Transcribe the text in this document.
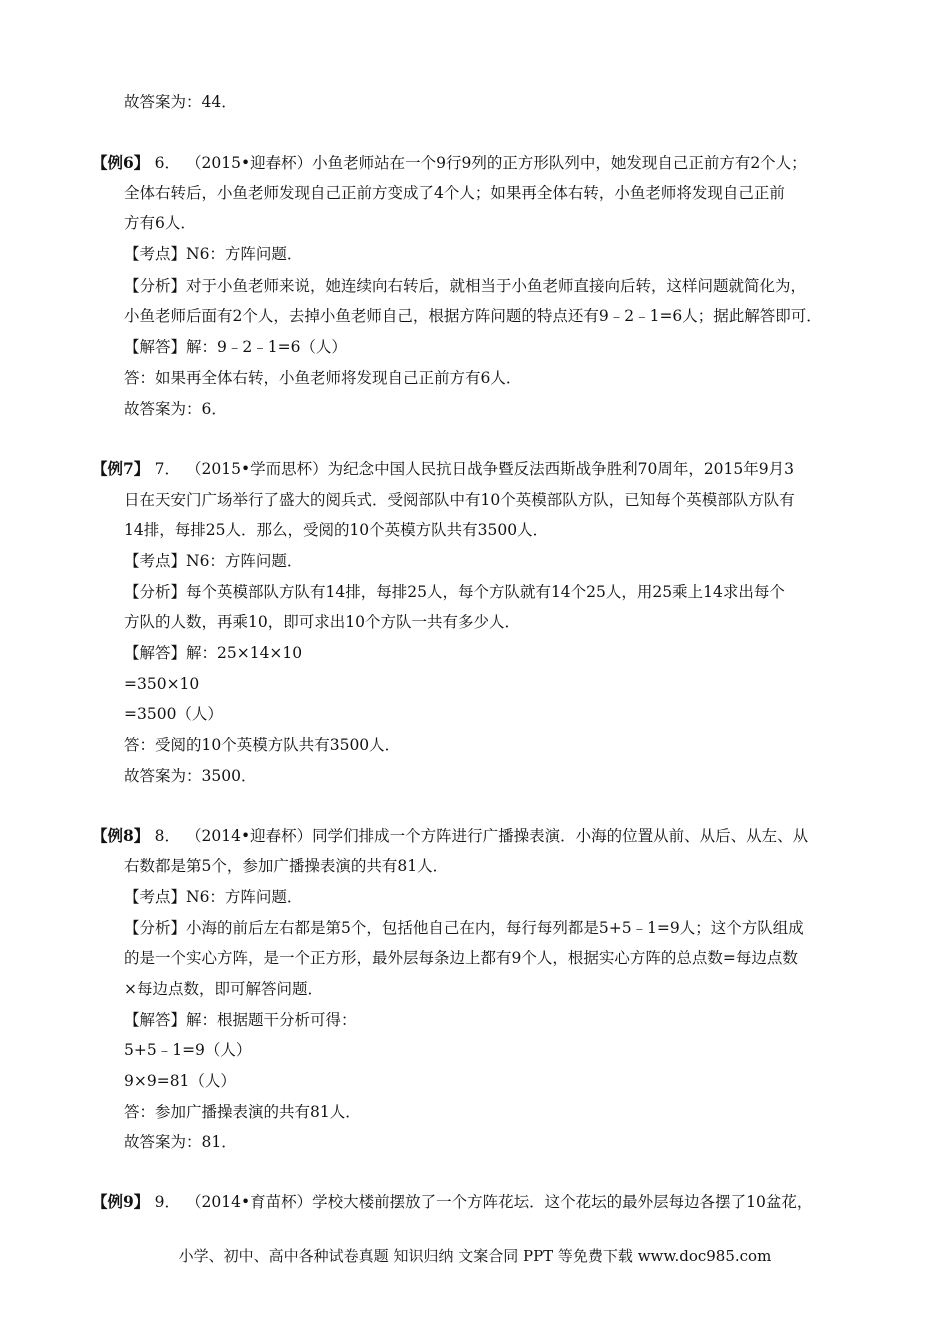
故答案为：44．
【例6】 6． （2015•迎春杯）小鱼老师站在一个9行9列的正方形队列中，她发现自己正前方有2个人；
全体右转后，小鱼老师发现自己正前方变成了4个人；如果再全体右转，小鱼老师将发现自己正前
方有6人．
【考点】N6：方阵问题．
【分析】对于小鱼老师来说，她连续向右转后，就相当于小鱼老师直接向后转，这样问题就简化为，
小鱼老师后面有2个人，去掉小鱼老师自己，根据方阵问题的特点还有9﹣2﹣1=6人；据此解答即可．
【解答】解：9﹣2﹣1=6（人）
答：如果再全体右转，小鱼老师将发现自己正前方有6人．
故答案为：6．
【例7】 7． （2015•学而思杯）为纪念中国人民抗日战争暨反法西斯战争胜利70周年，2015年9月3
日在天安门广场举行了盛大的阅兵式．受阅部队中有10个英模部队方队，已知每个英模部队方队有
14排，每排25人．那么，受阅的10个英模方队共有3500人．
【考点】N6：方阵问题．
【分析】每个英模部队方队有14排，每排25人，每个方队就有14个25人，用25乘上14求出每个
方队的人数，再乘10，即可求出10个方队一共有多少人．
【解答】解：25×14×10
=350×10
=3500（人）
答：受阅的10个英模方队共有3500人．
故答案为：3500．
【例8】 8． （2014•迎春杯）同学们排成一个方阵进行广播操表演．小海的位置从前、从后、从左、从
右数都是第5个，参加广播操表演的共有81人．
【考点】N6：方阵问题．
【分析】小海的前后左右都是第5个，包括他自己在内，每行每列都是5+5﹣1=9人；这个方队组成
的是一个实心方阵，是一个正方形，最外层每条边上都有9个人，根据实心方阵的总点数=每边点数
×每边点数，即可解答问题．
【解答】解：根据题干分析可得：
5+5﹣1=9（人）
9×9=81（人）
答：参加广播操表演的共有81人．
故答案为：81．
【例9】 9． （2014•育苗杯）学校大楼前摆放了一个方阵花坛．这个花坛的最外层每边各摆了10盆花，
小学、初中、高中各种试卷真题 知识归纳 文案合同 PPT 等免费下载 www.doc985.com
